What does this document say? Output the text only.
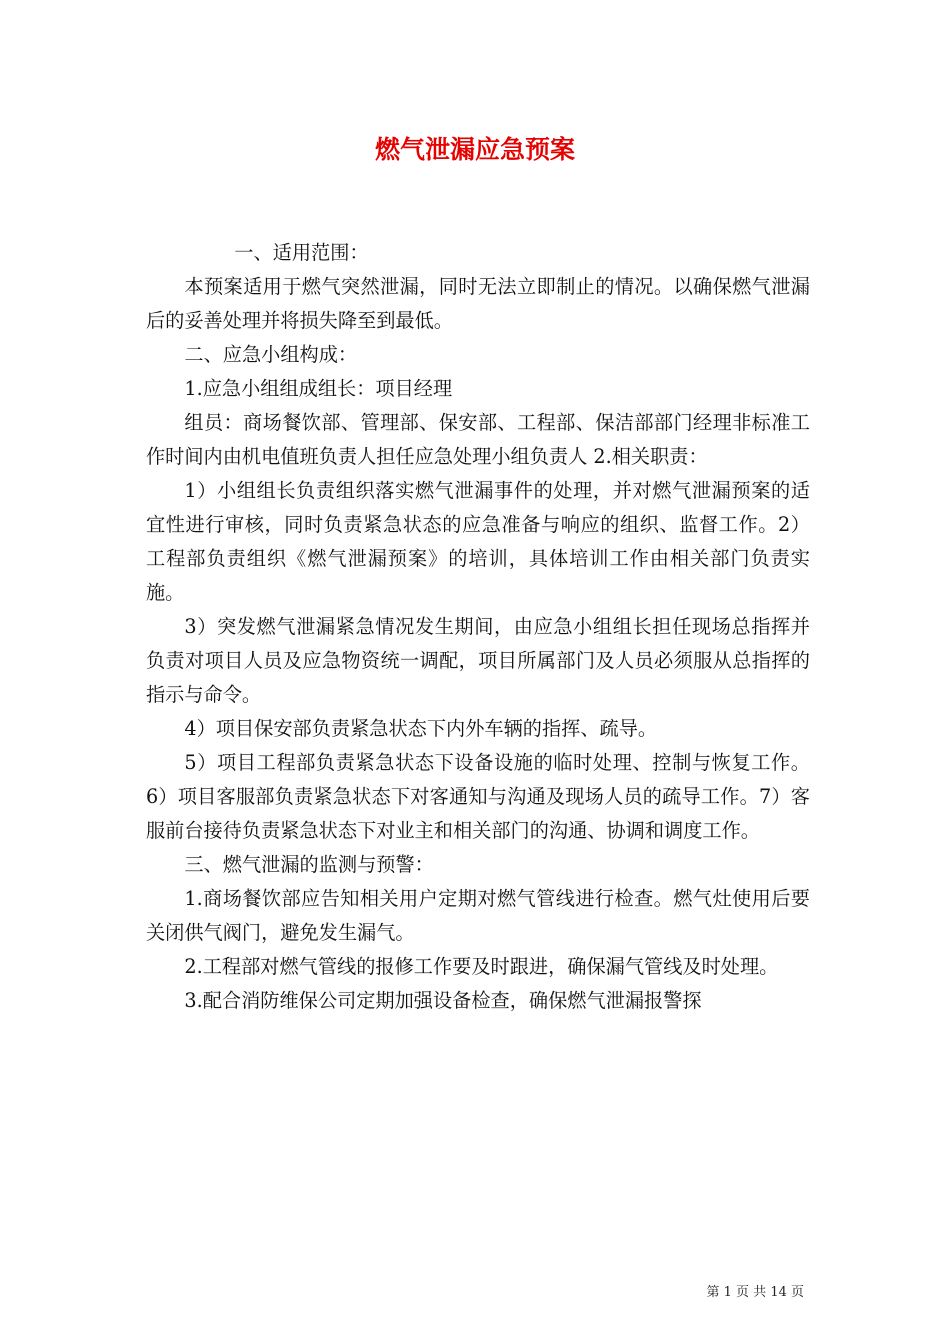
燃气泄漏应急预案

一、适用范围：

本预案适用于燃气突然泄漏，同时无法立即制止的情况。以确保燃气泄漏后的妥善处理并将损失降至到最低。

二、应急小组构成：

1.应急小组组成组长：项目经理

组员：商场餐饮部、管理部、保安部、工程部、保洁部部门经理非标准工作时间内由机电值班负责人担任应急处理小组负责人 2.相关职责：

1）小组组长负责组织落实燃气泄漏事件的处理，并对燃气泄漏预案的适宜性进行审核，同时负责紧急状态的应急准备与响应的组织、监督工作。2）工程部负责组织《燃气泄漏预案》的培训，具体培训工作由相关部门负责实施。

3）突发燃气泄漏紧急情况发生期间，由应急小组组长担任现场总指挥并负责对项目人员及应急物资统一调配，项目所属部门及人员必须服从总指挥的指示与命令。

4）项目保安部负责紧急状态下内外车辆的指挥、疏导。

5）项目工程部负责紧急状态下设备设施的临时处理、控制与恢复工作。6）项目客服部负责紧急状态下对客通知与沟通及现场人员的疏导工作。7）客服前台接待负责紧急状态下对业主和相关部门的沟通、协调和调度工作。

三、燃气泄漏的监测与预警：

1.商场餐饮部应告知相关用户定期对燃气管线进行检查。燃气灶使用后要关闭供气阀门，避免发生漏气。

2.工程部对燃气管线的报修工作要及时跟进，确保漏气管线及时处理。

3.配合消防维保公司定期加强设备检查，确保燃气泄漏报警探

第 1 页 共 14 页
